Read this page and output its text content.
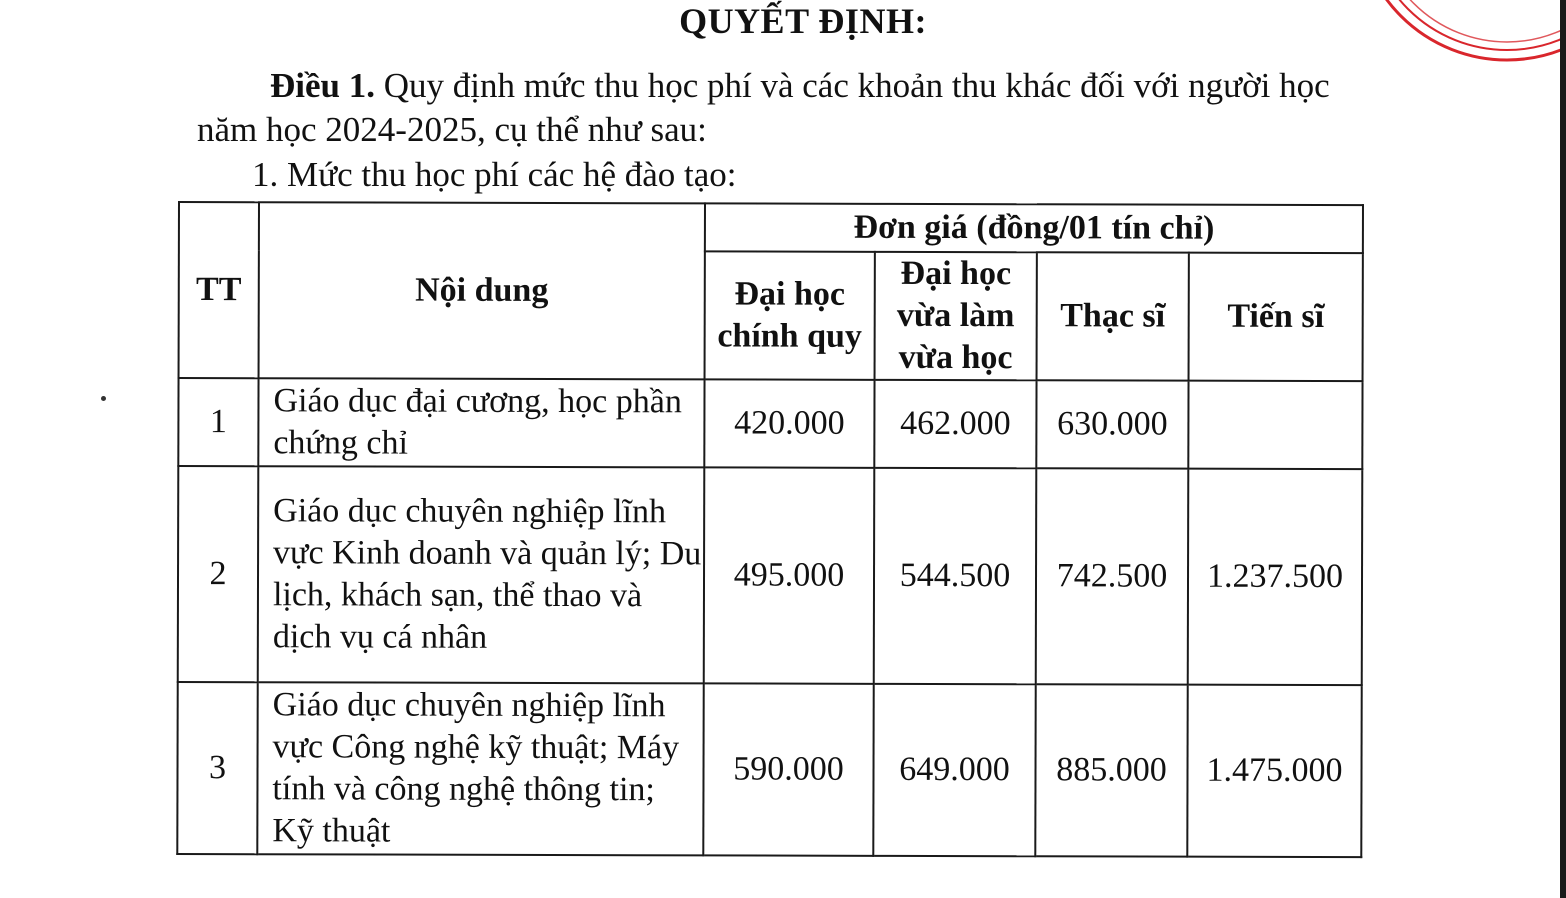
QUYẾT ĐỊNH:
Điều 1. Quy định mức thu học phí và các khoản thu khác đối với người học
năm học 2024-2025, cụ thể như sau:
1. Mức thu học phí các hệ đào tạo:
TT	Nội dung	Đơn giá (đồng/01 tín chỉ)			
		Đại học chính quy	Đại học vừa làm vừa học	Thạc sĩ	Tiến sĩ
1	Giáo dục đại cương, học phần chứng chỉ	420.000	462.000	630.000	
2	Giáo dục chuyên nghiệp lĩnh vực Kinh doanh và quản lý; Du lịch, khách sạn, thể thao và dịch vụ cá nhân	495.000	544.500	742.500	1.237.500
3	Giáo dục chuyên nghiệp lĩnh vực Công nghệ kỹ thuật; Máy tính và công nghệ thông tin; Kỹ thuật	590.000	649.000	885.000	1.475.000
